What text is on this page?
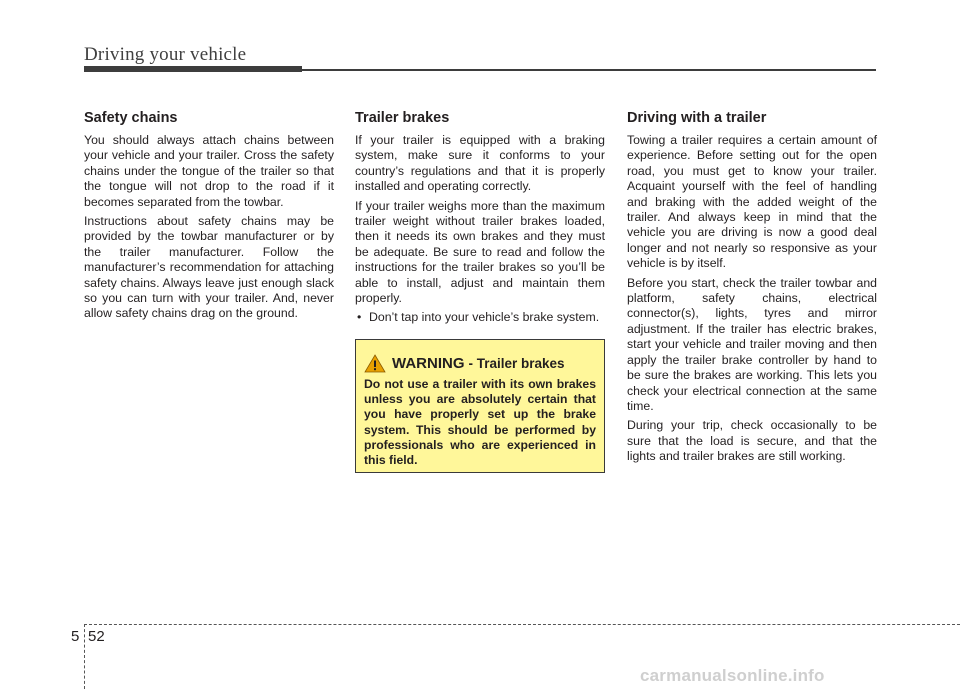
Driving your vehicle
Safety chains

You should always attach chains between your vehicle and your trailer. Cross the safety chains under the tongue of the trailer so that the tongue will not drop to the road if it becomes separated from the towbar.

Instructions about safety chains may be provided by the towbar manufacturer or by the trailer manufacturer. Follow the manufacturer’s recommendation for attaching safety chains. Always leave just enough slack so you can turn with your trailer. And, never allow safety chains drag on the ground.

Trailer brakes

If your trailer is equipped with a braking system, make sure it conforms to your country’s regulations and that it is properly installed and operating correctly.

If your trailer weighs more than the maximum trailer weight without trailer brakes loaded, then it needs its own brakes and they must be adequate. Be sure to read and follow the instructions for the trailer brakes so you’ll be able to install, adjust and maintain them properly.

• Don’t tap into your vehicle’s brake system.
WARNING - Trailer brakes

Do not use a trailer with its own brakes unless you are absolutely certain that you have properly set up the brake system. This should be performed by professionals who are experienced in this field.

Driving with a trailer

Towing a trailer requires a certain amount of experience. Before setting out for the open road, you must get to know your trailer. Acquaint yourself with the feel of handling and braking with the added weight of the trailer. And always keep in mind that the vehicle you are driving is now a good deal longer and not nearly so responsive as your vehicle is by itself.

Before you start, check the trailer towbar and platform, safety chains, electrical connector(s), lights, tyres and mirror adjustment. If the trailer has electric brakes, start your vehicle and trailer moving and then apply the trailer brake controller by hand to be sure the brakes are working. This lets you check your electrical connection at the same time.

During your trip, check occasionally to be sure that the load is secure, and that the lights and trailer brakes are still working.

5 52
carmanualsonline.info
